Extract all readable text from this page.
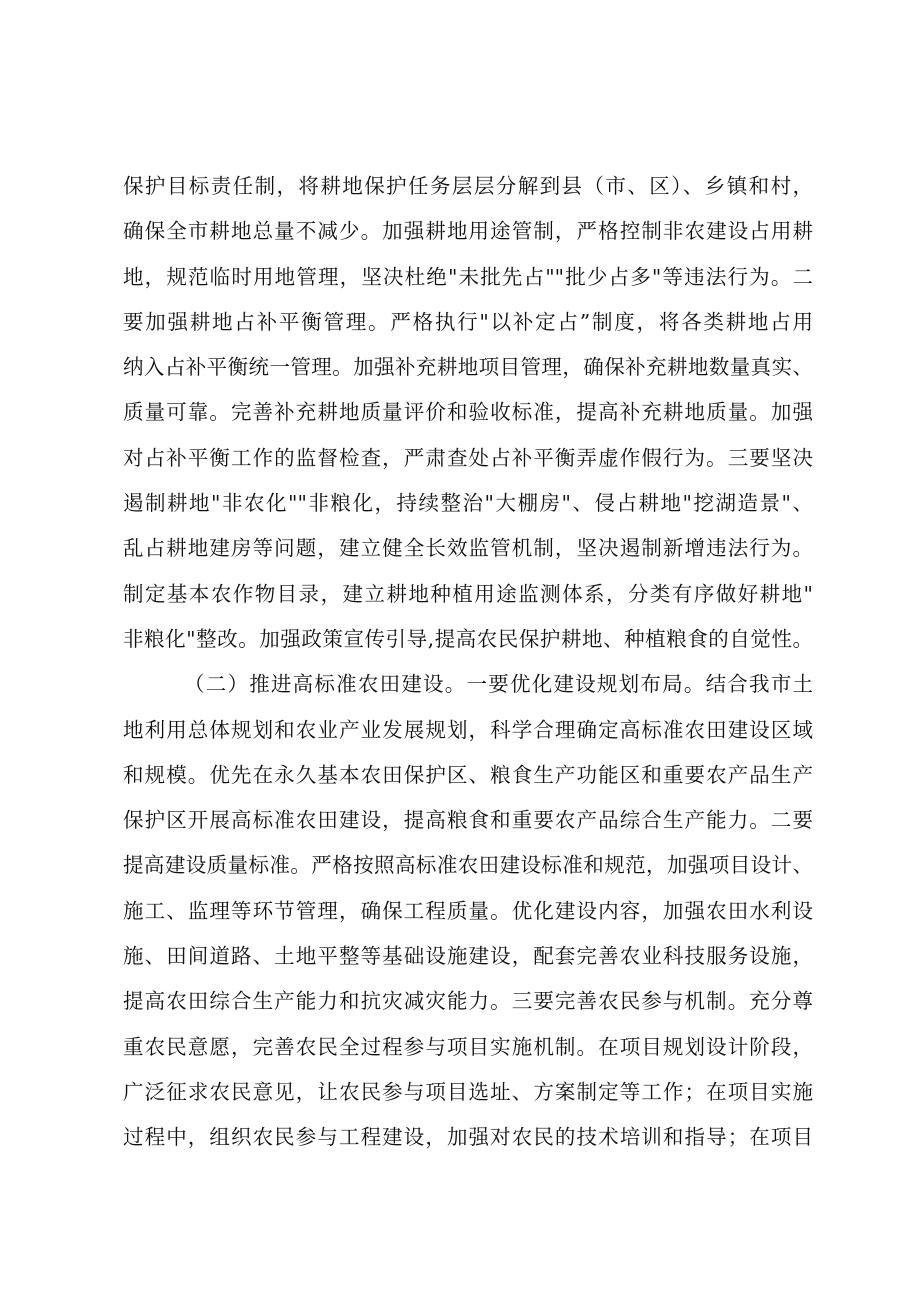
保护目标责任制，将耕地保护任务层层分解到县（市、区）、乡镇和村，
确保全市耕地总量不减少。加强耕地用途管制，严格控制非农建设占用耕
地，规范临时用地管理，坚决杜绝"未批先占""批少占多"等违法行为。二
要加强耕地占补平衡管理。严格执行"以补定占”制度，将各类耕地占用
纳入占补平衡统一管理。加强补充耕地项目管理，确保补充耕地数量真实、
质量可靠。完善补充耕地质量评价和验收标准，提高补充耕地质量。加强
对占补平衡工作的监督检查，严肃查处占补平衡弄虚作假行为。三要坚决
遏制耕地"非农化""非粮化，持续整治"大棚房"、侵占耕地"挖湖造景"、
乱占耕地建房等问题，建立健全长效监管机制，坚决遏制新增违法行为。
制定基本农作物目录，建立耕地种植用途监测体系，分类有序做好耕地"
非粮化"整改。加强政策宣传引导,提高农民保护耕地、种植粮食的自觉性。
（二）推进高标准农田建设。一要优化建设规划布局。结合我市土
地利用总体规划和农业产业发展规划，科学合理确定高标准农田建设区域
和规模。优先在永久基本农田保护区、粮食生产功能区和重要农产品生产
保护区开展高标准农田建设，提高粮食和重要农产品综合生产能力。二要
提高建设质量标准。严格按照高标准农田建设标准和规范，加强项目设计、
施工、监理等环节管理，确保工程质量。优化建设内容，加强农田水利设
施、田间道路、土地平整等基础设施建设，配套完善农业科技服务设施，
提高农田综合生产能力和抗灾减灾能力。三要完善农民参与机制。充分尊
重农民意愿，完善农民全过程参与项目实施机制。在项目规划设计阶段，
广泛征求农民意见，让农民参与项目选址、方案制定等工作；在项目实施
过程中，组织农民参与工程建设，加强对农民的技术培训和指导；在项目
